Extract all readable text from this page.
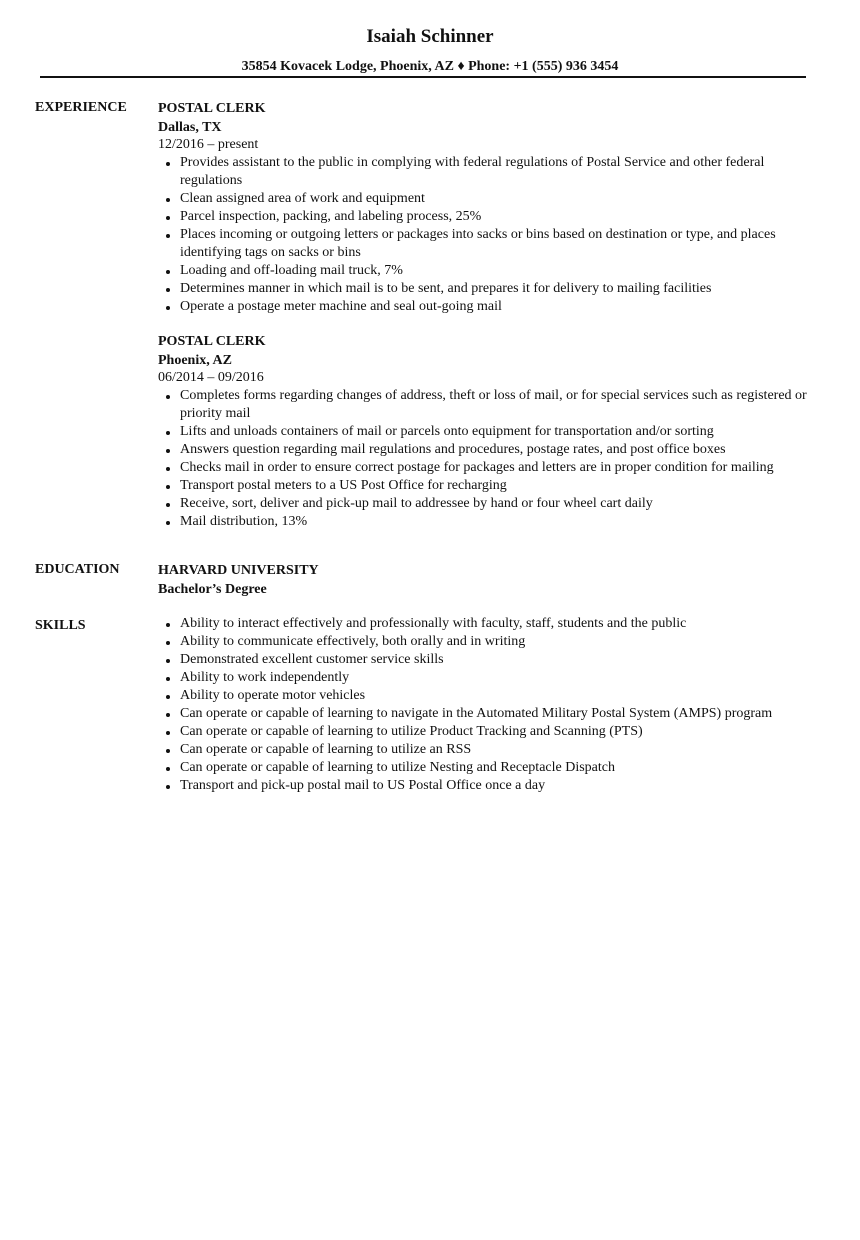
Isaiah Schinner
35854 Kovacek Lodge, Phoenix, AZ ♦ Phone: +1 (555) 936 3454
EXPERIENCE	POSTAL CLERK
Dallas, TX
12/2016 – present
Provides assistant to the public in complying with federal regulations of Postal Service and other federal regulations
Clean assigned area of work and equipment
Parcel inspection, packing, and labeling process, 25%
Places incoming or outgoing letters or packages into sacks or bins based on destination or type, and places identifying tags on sacks or bins
Loading and off-loading mail truck, 7%
Determines manner in which mail is to be sent, and prepares it for delivery to mailing facilities
Operate a postage meter machine and seal out-going mail
POSTAL CLERK
Phoenix, AZ
06/2014 – 09/2016
Completes forms regarding changes of address, theft or loss of mail, or for special services such as registered or priority mail
Lifts and unloads containers of mail or parcels onto equipment for transportation and/or sorting
Answers question regarding mail regulations and procedures, postage rates, and post office boxes
Checks mail in order to ensure correct postage for packages and letters are in proper condition for mailing
Transport postal meters to a US Post Office for recharging
Receive, sort, deliver and pick-up mail to addressee by hand or four wheel cart daily
Mail distribution, 13%
EDUCATION	HARVARD UNIVERSITY
Bachelor’s Degree
SKILLS	Ability to interact effectively and professionally with faculty, staff, students and the public
Ability to communicate effectively, both orally and in writing
Demonstrated excellent customer service skills
Ability to work independently
Ability to operate motor vehicles
Can operate or capable of learning to navigate in the Automated Military Postal System (AMPS) program
Can operate or capable of learning to utilize Product Tracking and Scanning (PTS)
Can operate or capable of learning to utilize an RSS
Can operate or capable of learning to utilize Nesting and Receptacle Dispatch
Transport and pick-up postal mail to US Postal Office once a day
